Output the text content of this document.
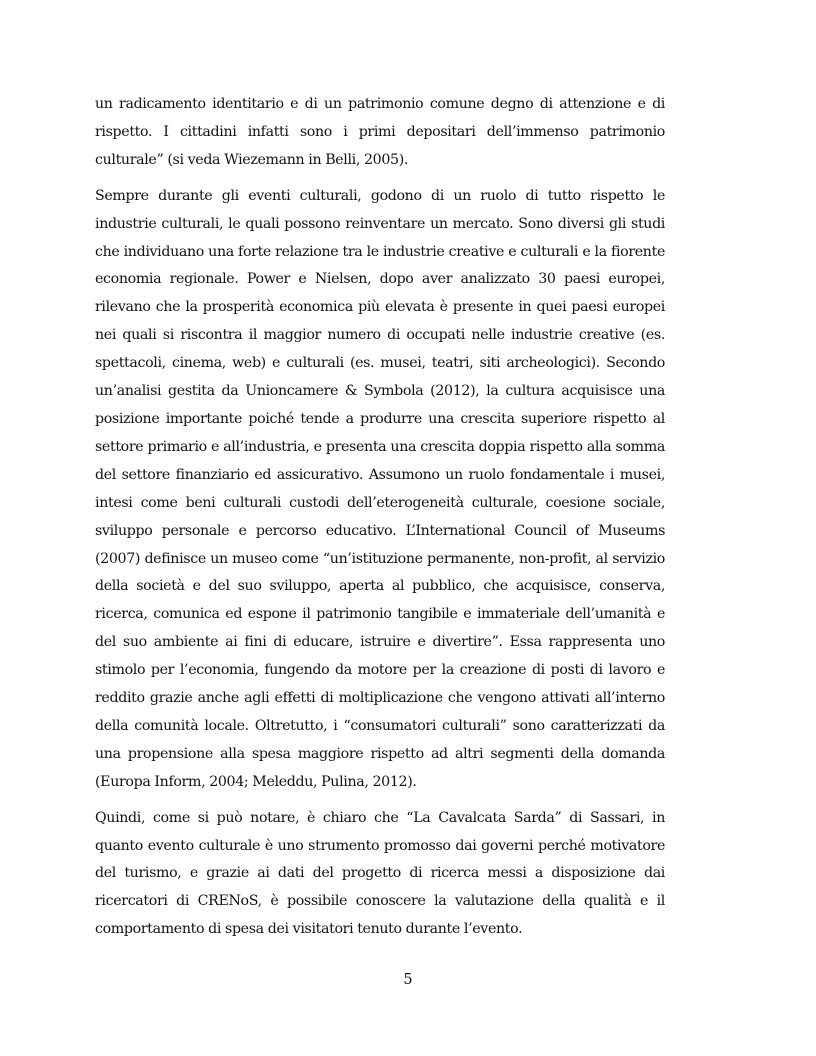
un radicamento identitario e di un patrimonio comune degno di attenzione e di rispetto. I cittadini infatti sono i primi depositari dell’immenso patrimonio culturale” (si veda Wiezemann in Belli, 2005).

Sempre durante gli eventi culturali, godono di un ruolo di tutto rispetto le industrie culturali, le quali possono reinventare un mercato. Sono diversi gli studi che individuano una forte relazione tra le industrie creative e culturali e la fiorente economia regionale. Power e Nielsen, dopo aver analizzato 30 paesi europei, rilevano che la prosperità economica più elevata è presente in quei paesi europei nei quali si riscontra il maggior numero di occupati nelle industrie creative (es. spettacoli, cinema, web) e culturali (es. musei, teatri, siti archeologici). Secondo un’analisi gestita da Unioncamere & Symbola (2012), la cultura acquisisce una posizione importante poiché tende a produrre una crescita superiore rispetto al settore primario e all’industria, e presenta una crescita doppia rispetto alla somma del settore finanziario ed assicurativo. Assumono un ruolo fondamentale i musei, intesi come beni culturali custodi dell’eterogeneità culturale, coesione sociale, sviluppo personale e percorso educativo. L’International Council of Museums (2007) definisce un museo come “un’istituzione permanente, non-profit, al servizio della società e del suo sviluppo, aperta al pubblico, che acquisisce, conserva, ricerca, comunica ed espone il patrimonio tangibile e immateriale dell’umanità e del suo ambiente ai fini di educare, istruire e divertire”. Essa rappresenta uno stimolo per l’economia, fungendo da motore per la creazione di posti di lavoro e reddito grazie anche agli effetti di moltiplicazione che vengono attivati all’interno della comunità locale. Oltretutto, i “consumatori culturali” sono caratterizzati da una propensione alla spesa maggiore rispetto ad altri segmenti della domanda (Europa Inform, 2004; Meleddu, Pulina, 2012).

Quindi, come si può notare, è chiaro che “La Cavalcata Sarda” di Sassari, in quanto evento culturale è uno strumento promosso dai governi perché motivatore del turismo, e grazie ai dati del progetto di ricerca messi a disposizione dai ricercatori di CRENoS, è possibile conoscere la valutazione della qualità e il comportamento di spesa dei visitatori tenuto durante l’evento.

5
